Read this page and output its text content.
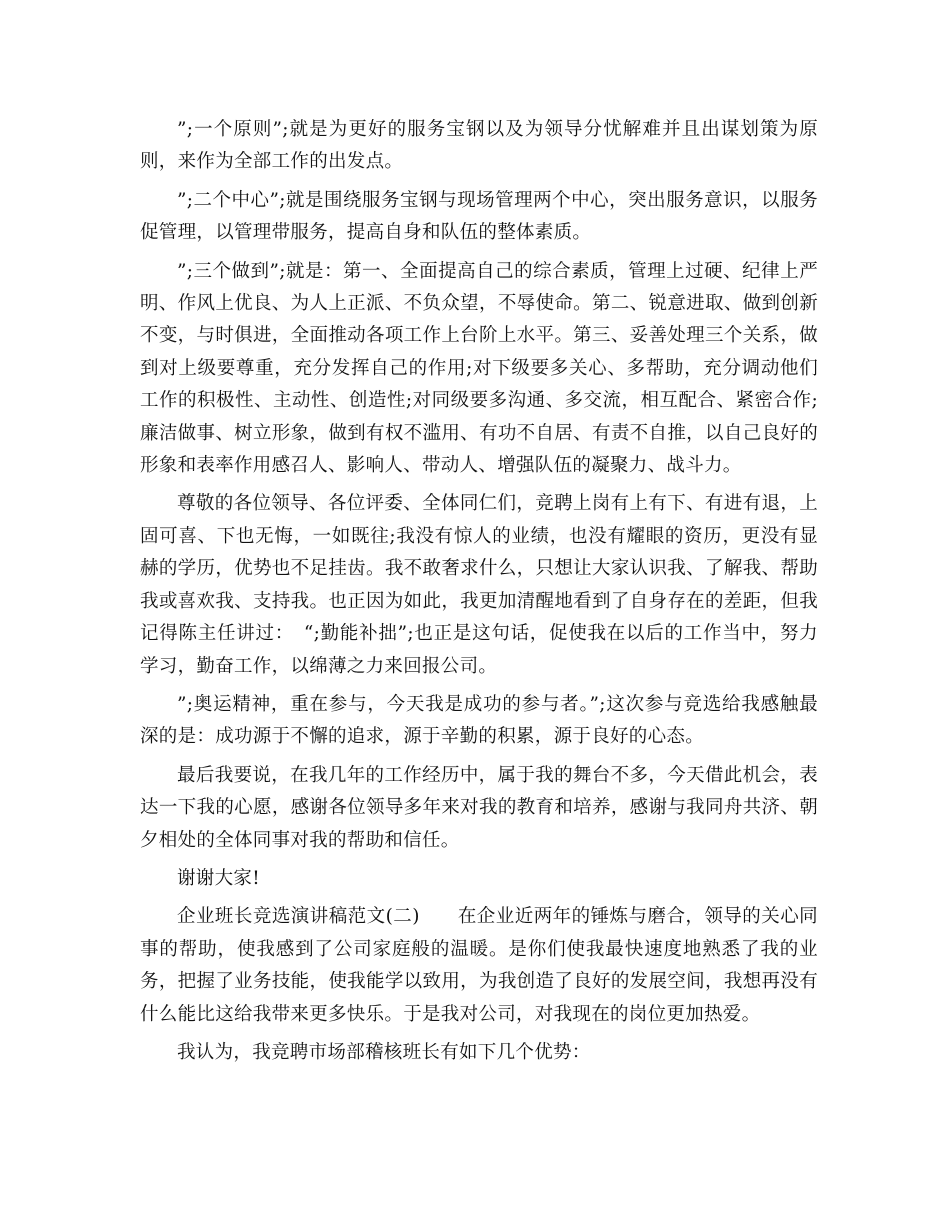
”;一个原则”;就是为更好的服务宝钢以及为领导分忧解难并且出谋划策为原则，来作为全部工作的出发点。

”;二个中心”;就是围绕服务宝钢与现场管理两个中心，突出服务意识，以服务促管理，以管理带服务，提高自身和队伍的整体素质。

”;三个做到”;就是：第一、全面提高自己的综合素质，管理上过硬、纪律上严明、作风上优良、为人上正派、不负众望，不辱使命。第二、锐意进取、做到创新不变，与时俱进，全面推动各项工作上台阶上水平。第三、妥善处理三个关系，做到对上级要尊重，充分发挥自己的作用;对下级要多关心、多帮助，充分调动他们工作的积极性、主动性、创造性;对同级要多沟通、多交流，相互配合、紧密合作;廉洁做事、树立形象，做到有权不滥用、有功不自居、有责不自推，以自己良好的形象和表率作用感召人、影响人、带动人、增强队伍的凝聚力、战斗力。

尊敬的各位领导、各位评委、全体同仁们，竞聘上岗有上有下、有进有退，上固可喜、下也无悔，一如既往;我没有惊人的业绩，也没有耀眼的资历，更没有显赫的学历，优势也不足挂齿。我不敢奢求什么，只想让大家认识我、了解我、帮助我或喜欢我、支持我。也正因为如此，我更加清醒地看到了自身存在的差距，但我记得陈主任讲过：　“;勤能补拙”;也正是这句话，促使我在以后的工作当中，努力学习，勤奋工作，以绵薄之力来回报公司。

”;奥运精神，重在参与，今天我是成功的参与者。”;这次参与竞选给我感触最深的是：成功源于不懈的追求，源于辛勤的积累，源于良好的心态。

最后我要说，在我几年的工作经历中，属于我的舞台不多，今天借此机会，表达一下我的心愿，感谢各位领导多年来对我的教育和培养，感谢与我同舟共济、朝夕相处的全体同事对我的帮助和信任。

谢谢大家!

企业班长竞选演讲稿范文(二)　　在企业近两年的锤炼与磨合，领导的关心同事的帮助，使我感到了公司家庭般的温暖。是你们使我最快速度地熟悉了我的业务，把握了业务技能，使我能学以致用，为我创造了良好的发展空间，我想再没有什么能比这给我带来更多快乐。于是我对公司，对我现在的岗位更加热爱。

我认为，我竞聘市场部稽核班长有如下几个优势：
